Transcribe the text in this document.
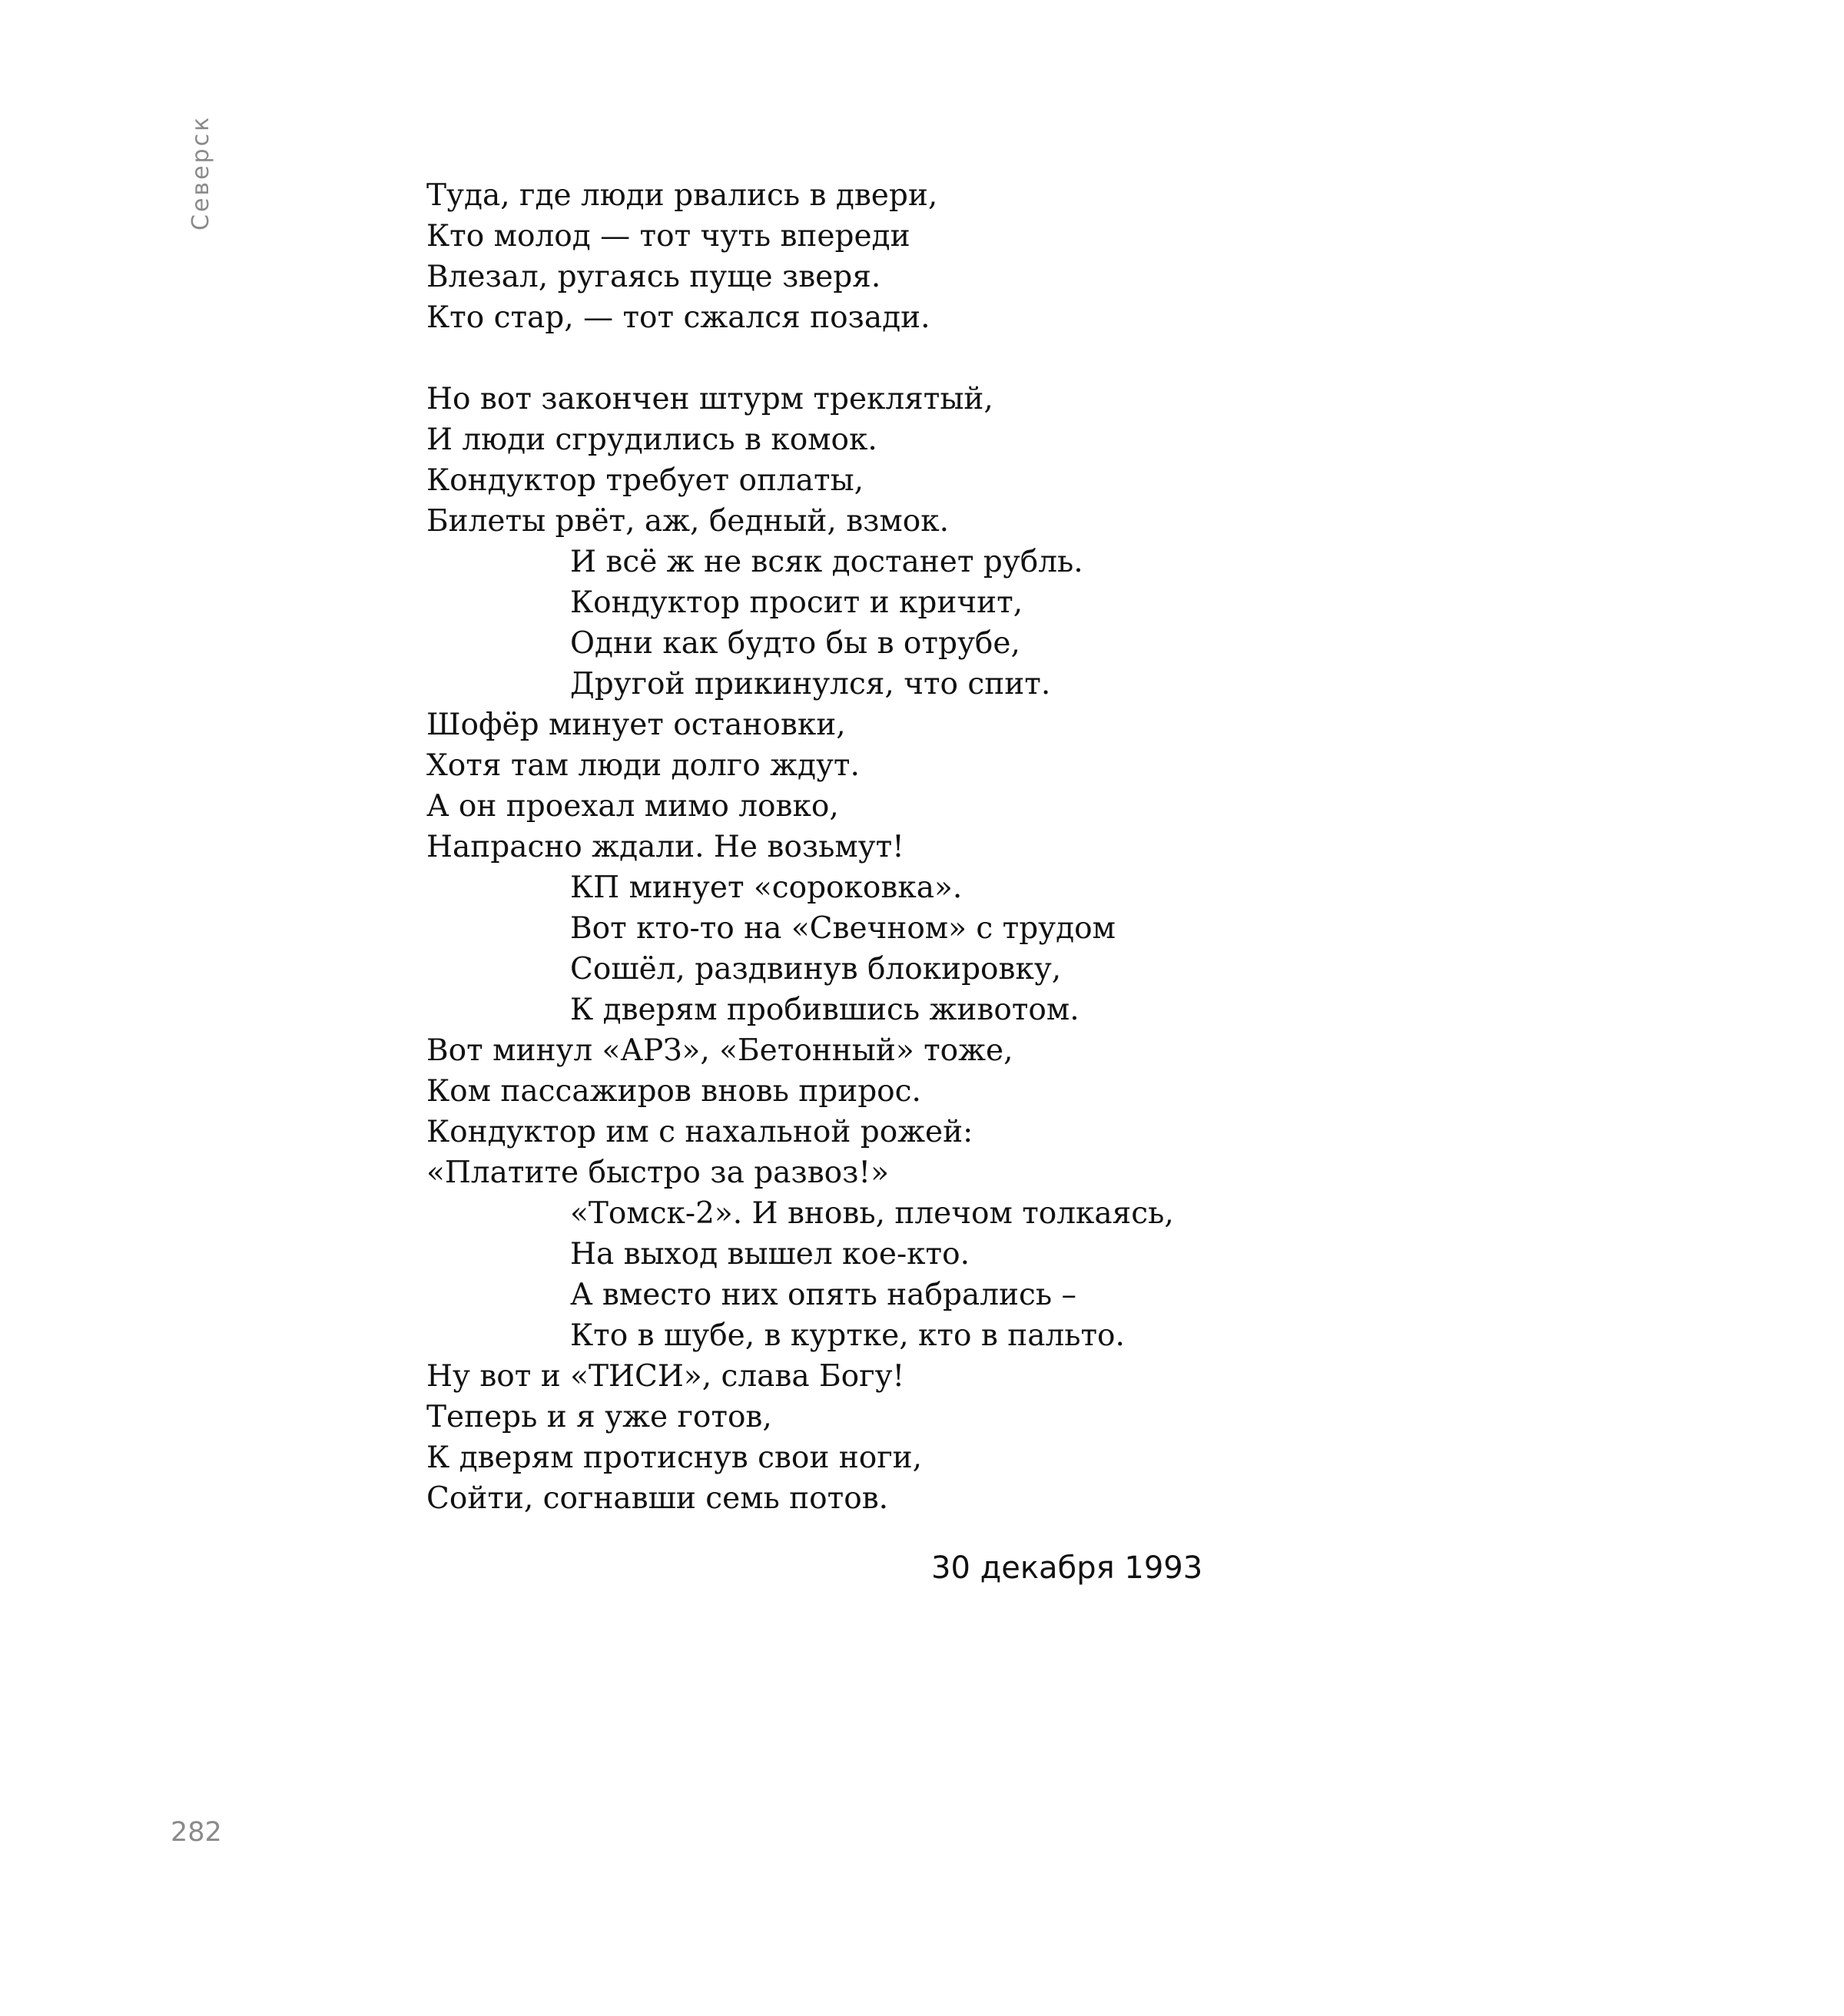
Северск	Туда, где люди рвались в двери,
Кто молод — тот чуть впереди
Влезал, ругаясь пуще зверя.
Кто стар, — тот сжался позади.
Но вот закончен штурм треклятый,
И люди сгрудились в комок.
Кондуктор требует оплаты,
Билеты рвёт, аж, бедный, взмок.
И всё ж не всяк достанет рубль.
Кондуктор просит и кричит,
Одни как будто бы в отрубе,
Другой прикинулся, что спит.
Шофёр минует остановки,
Хотя там люди долго ждут.
А он проехал мимо ловко,
Напрасно ждали. Не возьмут!
КП минует «сороковка».
Вот кто-то на «Свечном» с трудом
Сошёл, раздвинув блокировку,
К дверям пробившись животом.
Вот минул «АРЗ», «Бетонный» тоже,
Ком пассажиров вновь прирос.
Кондуктор им с нахальной рожей:
«Платите быстро за развоз!»
«Томск-2». И вновь, плечом толкаясь,
На выход вышел кое-кто.
А вместо них опять набрались –
Кто в шубе, в куртке, кто в пальто.
Ну вот и «ТИСИ», слава Богу!
Теперь и я уже готов,
К дверям протиснув свои ноги,
Сойти, согнавши семь потов.
30 декабря 1993
282
